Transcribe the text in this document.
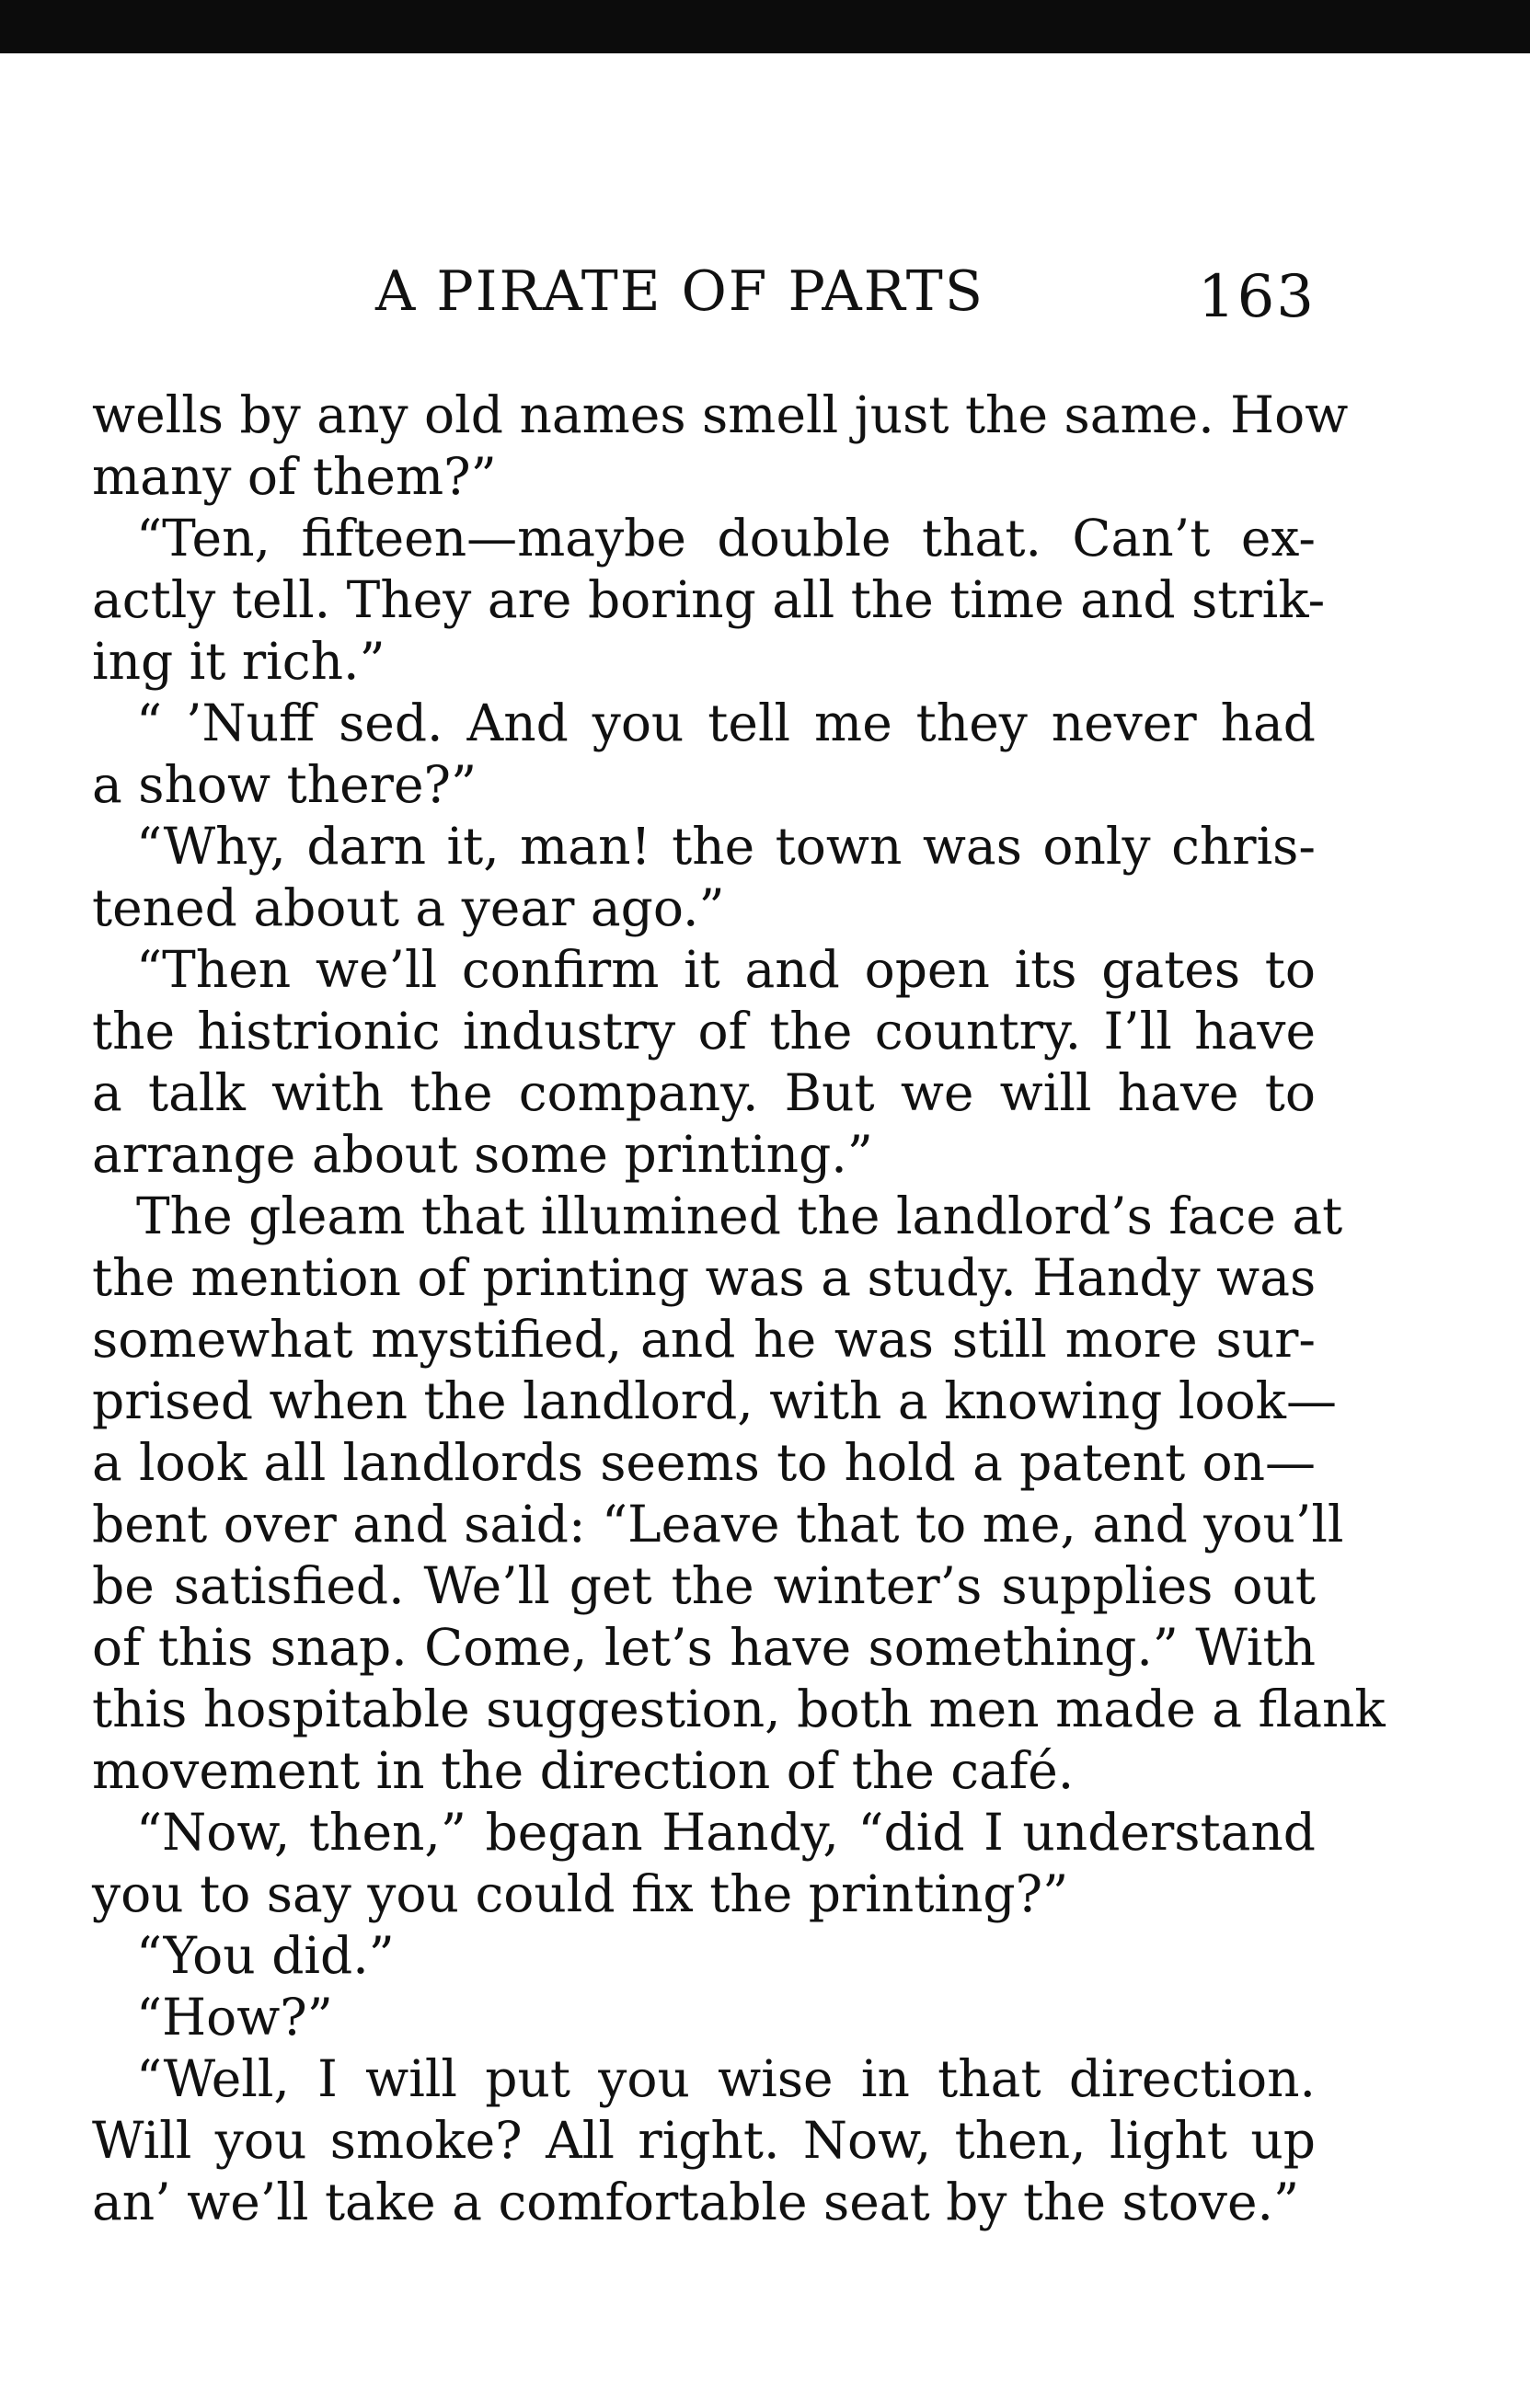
A PIRATE OF PARTS	163
wells by any old names smell just the same. How
many of them?”
“Ten, fifteen—maybe double that. Can’t ex-
actly tell. They are boring all the time and strik-
ing it rich.”
“ ’Nuff sed. And you tell me they never had
a show there?”
“Why, darn it, man! the town was only chris-
tened about a year ago.”
“Then we’ll confirm it and open its gates to
the histrionic industry of the country. I’ll have
a talk with the company. But we will have to
arrange about some printing.”
The gleam that illumined the landlord’s face at
the mention of printing was a study. Handy was
somewhat mystified, and he was still more sur-
prised when the landlord, with a knowing look—
a look all landlords seems to hold a patent on—
bent over and said: “Leave that to me, and you’ll
be satisfied. We’ll get the winter’s supplies out
of this snap. Come, let’s have something.” With
this hospitable suggestion, both men made a flank
movement in the direction of the café.
“Now, then,” began Handy, “did I understand
you to say you could fix the printing?”
“You did.”
“How?”
“Well, I will put you wise in that direction.
Will you smoke? All right. Now, then, light up
an’ we’ll take a comfortable seat by the stove.”
